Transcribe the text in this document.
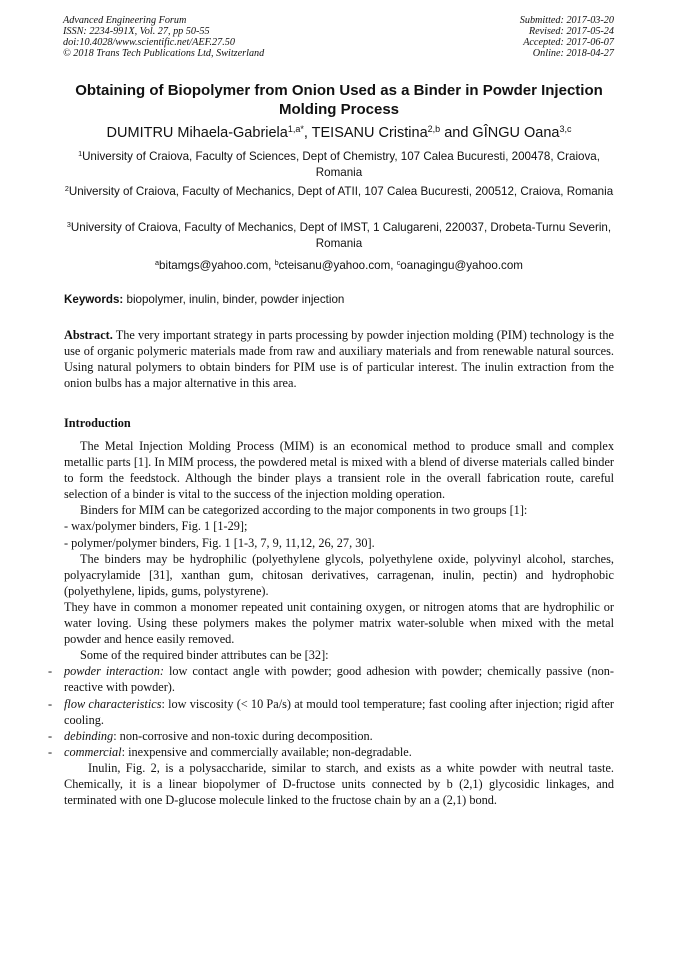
Advanced Engineering Forum
ISSN: 2234-991X, Vol. 27, pp 50-55
doi:10.4028/www.scientific.net/AEF.27.50
© 2018 Trans Tech Publications Ltd, Switzerland
Submitted: 2017-03-20
Revised: 2017-05-24
Accepted: 2017-06-07
Online: 2018-04-27
Obtaining of Biopolymer from Onion Used as a Binder in Powder Injection Molding Process
DUMITRU Mihaela-Gabriela$^{1,a*}$, TEISANU Cristina$^{2,b}$ and GÎNGU Oana$^{3,c}$
$^1$University of Craiova, Faculty of Sciences, Dept of Chemistry, 107 Calea Bucuresti, 200478, Craiova, Romania
$^2$University of Craiova, Faculty of Mechanics, Dept of ATII, 107 Calea Bucuresti, 200512, Craiova, Romania
$^3$University of Craiova, Faculty of Mechanics, Dept of IMST, 1 Calugareni, 220037, Drobeta-Turnu Severin, Romania
$^a$bitamgs@yahoo.com, $^b$cteisanu@yahoo.com, $^c$oanagingu@yahoo.com
Keywords: biopolymer, inulin, binder, powder injection
Abstract. The very important strategy in parts processing by powder injection molding (PIM) technology is the use of organic polymeric materials made from raw and auxiliary materials and from renewable natural sources. Using natural polymers to obtain binders for PIM use is of particular interest. The inulin extraction from the onion bulbs has a major alternative in this area.
Introduction

The Metal Injection Molding Process (MIM) is an economical method to produce small and complex metallic parts [1]. In MIM process, the powdered metal is mixed with a blend of diverse materials called binder to form the feedstock. Although the binder plays a transient role in the overall fabrication route, careful selection of a binder is vital to the success of the injection molding operation.

Binders for MIM can be categorized according to the major components in two groups [1]:

- wax/polymer binders, Fig. 1 [1-29];
- polymer/polymer binders, Fig. 1 [1-3, 7, 9, 11,12, 26, 27, 30].

The binders may be hydrophilic (polyethylene glycols, polyethylene oxide, polyvinyl alcohol, starches, polyacrylamide [31], xanthan gum, chitosan derivatives, carragenan, inulin, pectin) and hydrophobic (polyethylene, lipids, gums, polystyrene).

They have in common a monomer repeated unit containing oxygen, or nitrogen atoms that are hydrophilic or water loving. Using these polymers makes the polymer matrix water-soluble when mixed with the metal powder and hence easily removed.

Some of the required binder attributes can be [32]:

- powder interaction: low contact angle with powder; good adhesion with powder; chemically passive (non-reactive with powder).
- flow characteristics: low viscosity (< 10 Pa/s) at mould tool temperature; fast cooling after injection; rigid after cooling.
- debinding: non-corrosive and non-toxic during decomposition.
- commercial: inexpensive and commercially available; non-degradable.

Inulin, Fig. 2, is a polysaccharide, similar to starch, and exists as a white powder with neutral taste. Chemically, it is a linear biopolymer of D-fructose units connected by b (2,1) glycosidic linkages, and terminated with one D-glucose molecule linked to the fructose chain by an a (2,1) bond.
